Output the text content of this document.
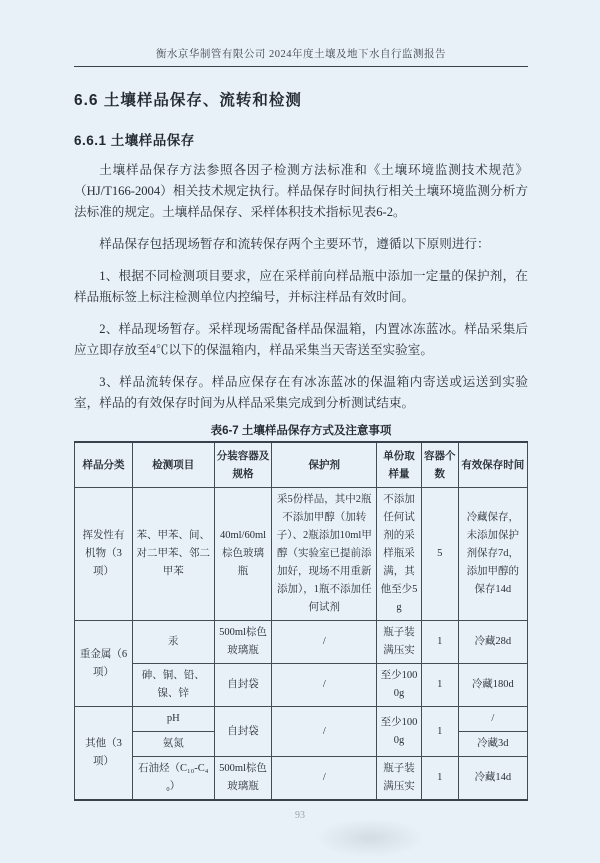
衡水京华制管有限公司 2024年度土壤及地下水自行监测报告
6.6 土壤样品保存、流转和检测
6.6.1 土壤样品保存

土壤样品保存方法参照各因子检测方法标准和《土壤环境监测技术规范》（HJ/T166-2004）相关技术规定执行。样品保存时间执行相关土壤环境监测分析方法标准的规定。土壤样品保存、采样体积技术指标见表6-2。

样品保存包括现场暂存和流转保存两个主要环节，遵循以下原则进行：

1、根据不同检测项目要求，应在采样前向样品瓶中添加一定量的保护剂，在样品瓶标签上标注检测单位内控编号，并标注样品有效时间。

2、样品现场暂存。采样现场需配备样品保温箱，内置冰冻蓝冰。样品采集后应立即存放至4℃以下的保温箱内，样品采集当天寄送至实验室。

3、样品流转保存。样品应保存在有冰冻蓝冰的保温箱内寄送或运送到实验室，样品的有效保存时间为从样品采集完成到分析测试结束。

表6-7 土壤样品保存方式及注意事项
样品分类	检测项目	分装容器及规格	保护剂	单份取样量	容器个数	有效保存时间
挥发性有机物（3项）	苯、甲苯、间、对二甲苯、邻二甲苯	40ml/60ml棕色玻璃瓶	采5份样品，其中2瓶不添加甲醇（加转子）、2瓶添加10ml甲醇（实验室已提前添加好，现场不用重新添加），1瓶不添加任何试剂	不添加任何试剂的采样瓶采满，其他至少5g	5	冷藏保存，未添加保护剂保存7d，添加甲醇的保存14d
重金属（6项）	汞	500ml棕色玻璃瓶	/	瓶子装满压实	1	冷藏28d
	砷、铜、铅、镍、锌	自封袋	/	至少1000g	1	冷藏180d
其他（3项）	pH	自封袋	/	至少1000g	1	/
	氨氮					冷藏3d
	石油烃（C₁₀-C₄₀）	500ml棕色玻璃瓶	/	瓶子装满压实	1	冷藏14d
93
